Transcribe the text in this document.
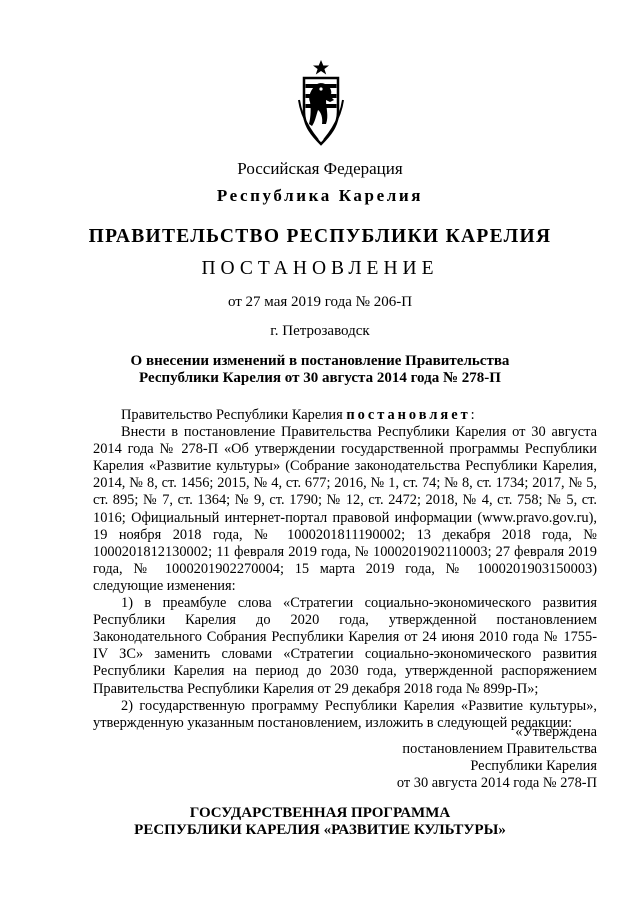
Российская Федерация
Республика Карелия
ПРАВИТЕЛЬСТВО РЕСПУБЛИКИ КАРЕЛИЯ
ПОСТАНОВЛЕНИЕ
от 27 мая 2019 года № 206-П
г. Петрозаводск
О внесении изменений в постановление Правительства
Республики Карелия от 30 августа 2014 года № 278-П

Правительство Республики Карелия постановляет:

Внести в постановление Правительства Республики Карелия от 30 августа 2014 года № 278-П «Об утверждении государственной программы Республики Карелия «Развитие культуры» (Собрание законодательства Республики Карелия, 2014, № 8, ст. 1456; 2015, № 4, ст. 677; 2016, № 1, ст. 74; № 8, ст. 1734; 2017, № 5, ст. 895; № 7, ст. 1364; № 9, ст. 1790; № 12, ст. 2472; 2018, № 4, ст. 758; № 5, ст. 1016; Официальный интернет-портал правовой информации (www.pravo.gov.ru), 19 ноября 2018 года, № 1000201811190002; 13 декабря 2018 года, № 1000201812130002; 11 февраля 2019 года, № 1000201902110003; 27 февраля 2019 года, № 1000201902270004; 15 марта 2019 года, № 1000201903150003) следующие изменения:

1) в преамбуле слова «Стратегии социально-экономического развития Республики Карелия до 2020 года, утвержденной постановлением Законодательного Собрания Республики Карелия от 24 июня 2010 года № 1755-IV ЗС» заменить словами «Стратегии социально-экономического развития Республики Карелия на период до 2030 года, утвержденной распоряжением Правительства Республики Карелия от 29 декабря 2018 года № 899р-П»;

2) государственную программу Республики Карелия «Развитие культуры», утвержденную указанным постановлением, изложить в следующей редакции:

«Утверждена
постановлением Правительства
Республики Карелия
от 30 августа 2014 года № 278-П
ГОСУДАРСТВЕННАЯ ПРОГРАММА
РЕСПУБЛИКИ КАРЕЛИЯ «РАЗВИТИЕ КУЛЬТУРЫ»
